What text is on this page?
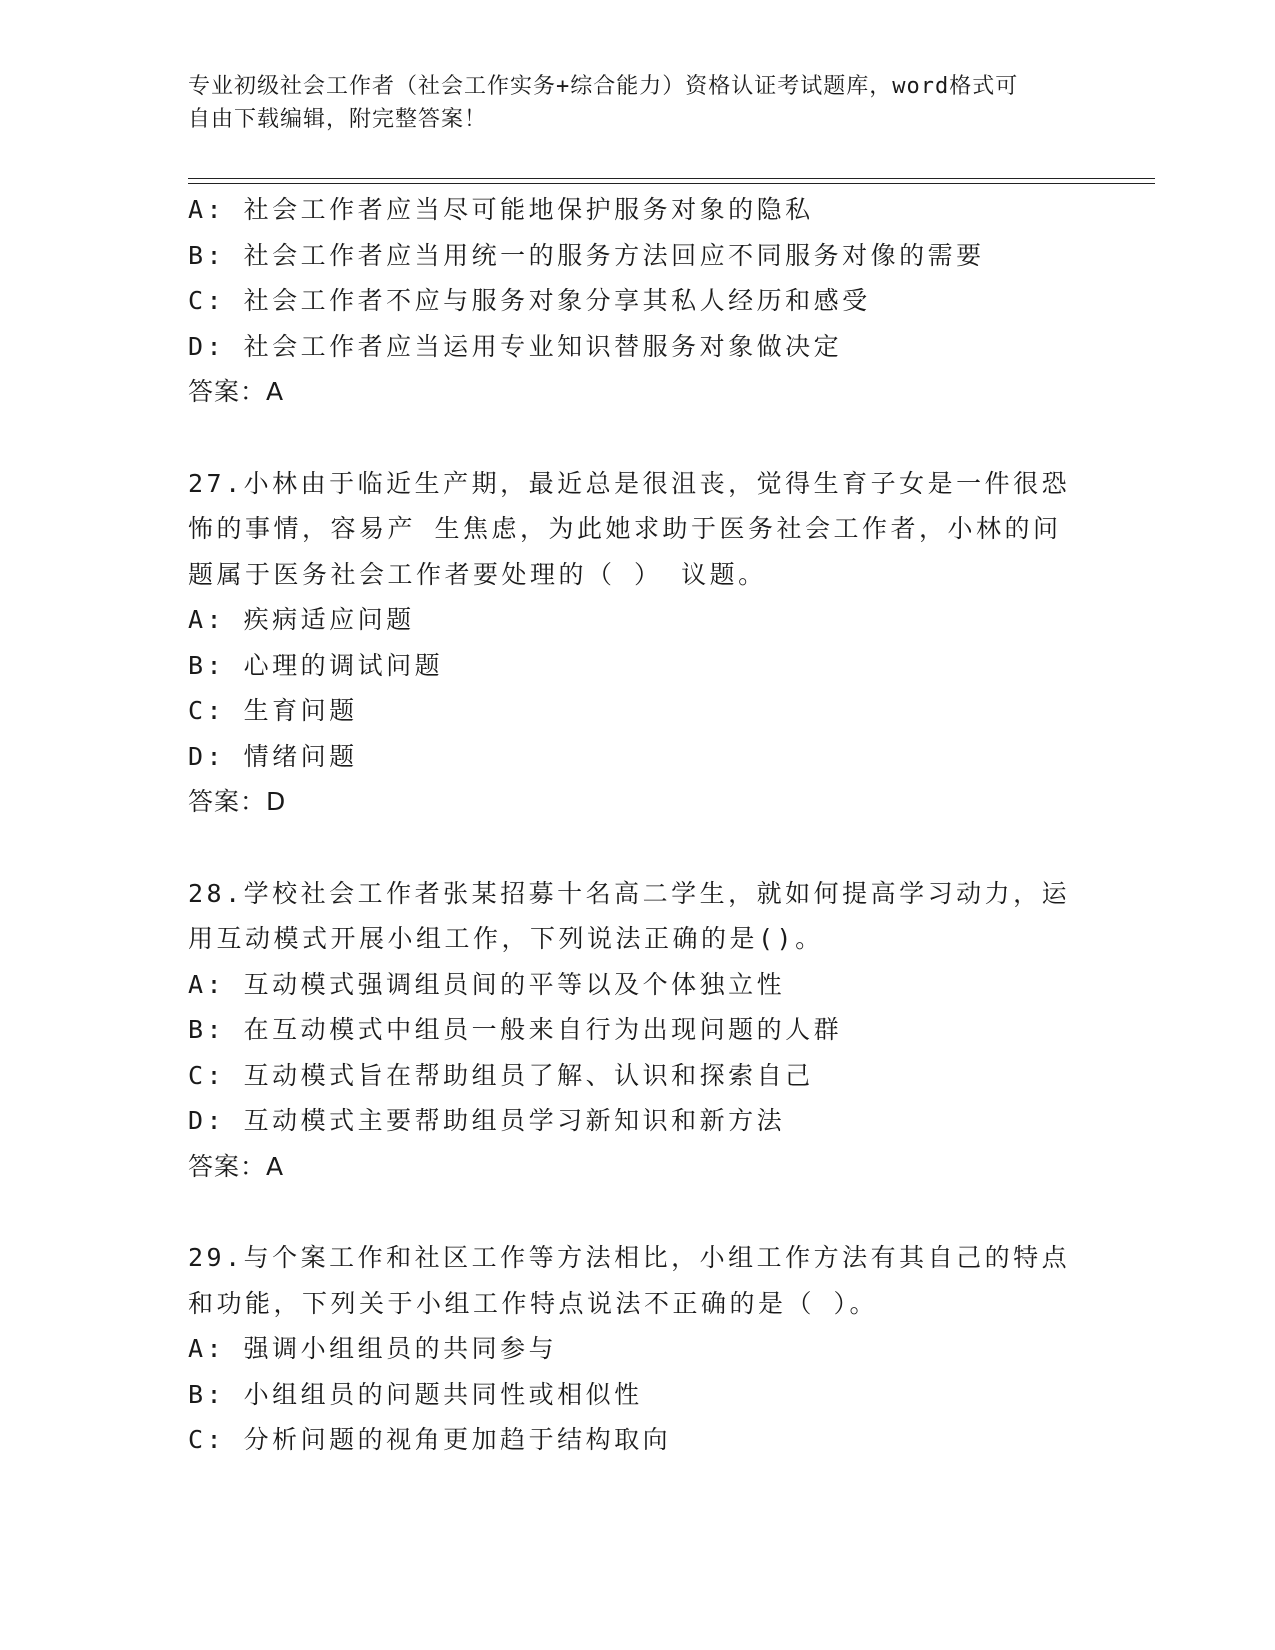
专业初级社会工作者（社会工作实务+综合能力）资格认证考试题库，word格式可
自由下载编辑，附完整答案！
A: 社会工作者应当尽可能地保护服务对象的隐私
B: 社会工作者应当用统一的服务方法回应不同服务对像的需要
C: 社会工作者不应与服务对象分享其私人经历和感受
D: 社会工作者应当运用专业知识替服务对象做决定
答案：A
27.小林由于临近生产期，最近总是很沮丧，觉得生育子女是一件很恐
怖的事情，容易产 生焦虑，为此她求助于医务社会工作者，小林的问
题属于医务社会工作者要处理的（ ） 议题。
A: 疾病适应问题
B: 心理的调试问题
C: 生育问题
D: 情绪问题
答案：D
28.学校社会工作者张某招募十名高二学生，就如何提高学习动力，运
用互动模式开展小组工作，下列说法正确的是()。
A: 互动模式强调组员间的平等以及个体独立性
B: 在互动模式中组员一般来自行为出现问题的人群
C: 互动模式旨在帮助组员了解、认识和探索自己
D: 互动模式主要帮助组员学习新知识和新方法
答案：A
29.与个案工作和社区工作等方法相比，小组工作方法有其自己的特点
和功能，下列关于小组工作特点说法不正确的是（ ）。
A: 强调小组组员的共同参与
B: 小组组员的问题共同性或相似性
C: 分析问题的视角更加趋于结构取向
